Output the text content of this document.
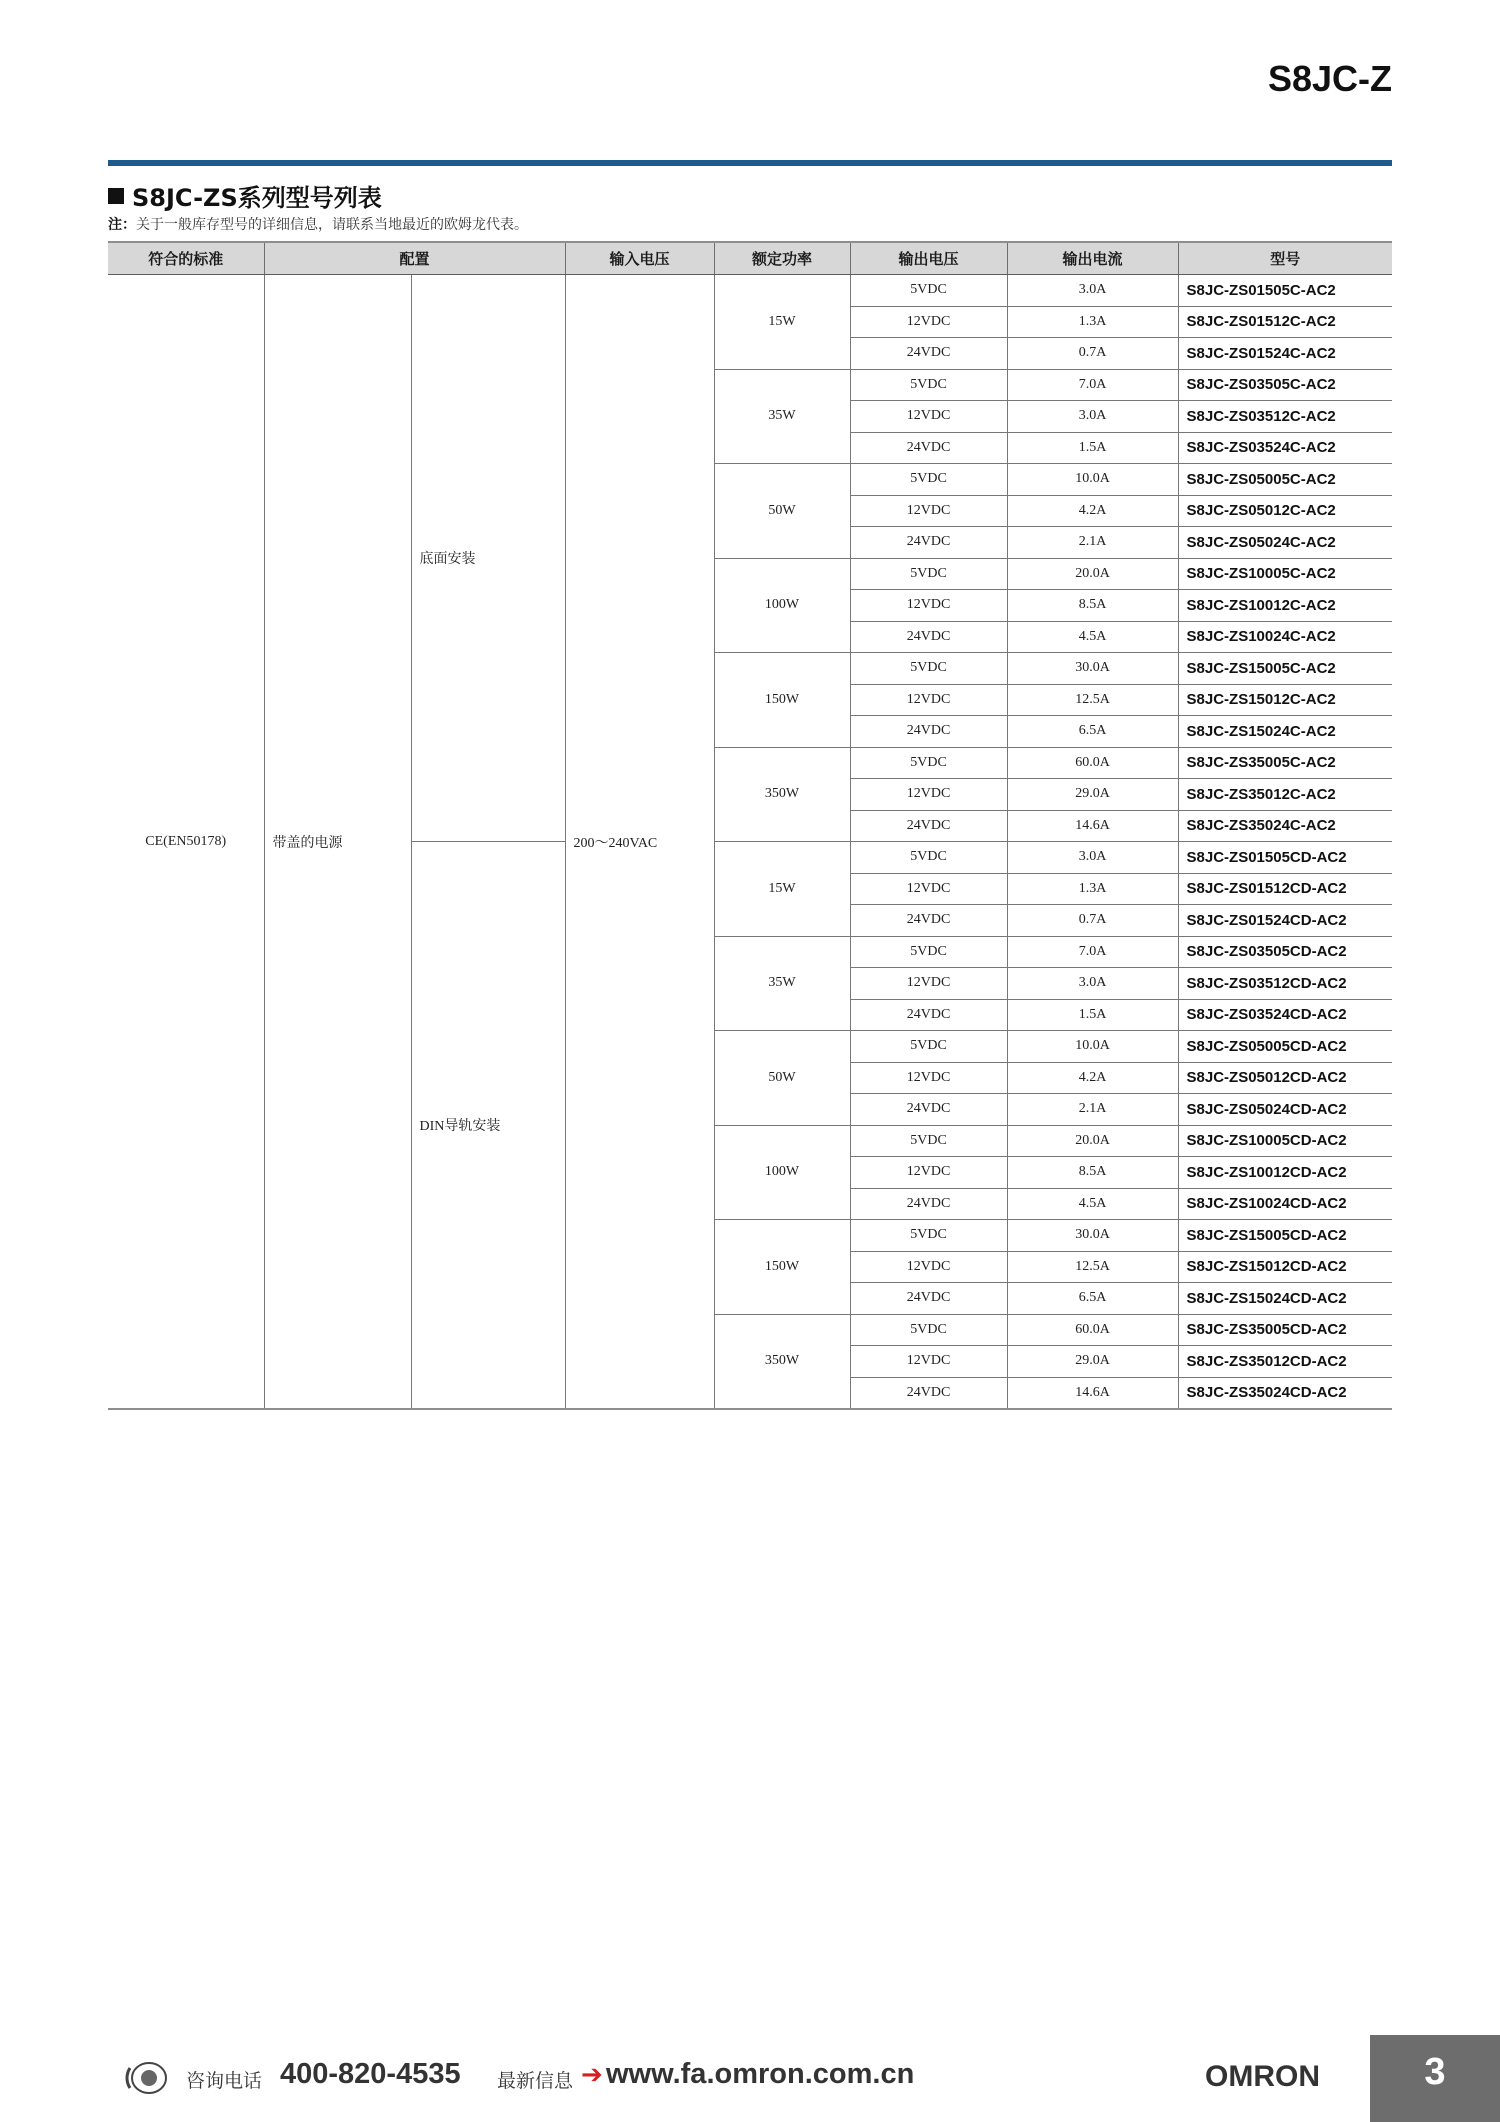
S8JC-Z
S8JC-ZS系列型号列表
注：关于一般库存型号的详细信息，请联系当地最近的欧姆龙代表。
符合的标准	配置		输入电压	额定功率	输出电压	输出电流	型号
CE(EN50178)	带盖的电源	底面安装	200～240VAC	15W	5VDC	3.0A	S8JC-ZS01505C-AC2
					12VDC	1.3A	S8JC-ZS01512C-AC2
					24VDC	0.7A	S8JC-ZS01524C-AC2
				35W	5VDC	7.0A	S8JC-ZS03505C-AC2
					12VDC	3.0A	S8JC-ZS03512C-AC2
					24VDC	1.5A	S8JC-ZS03524C-AC2
				50W	5VDC	10.0A	S8JC-ZS05005C-AC2
					12VDC	4.2A	S8JC-ZS05012C-AC2
					24VDC	2.1A	S8JC-ZS05024C-AC2
				100W	5VDC	20.0A	S8JC-ZS10005C-AC2
					12VDC	8.5A	S8JC-ZS10012C-AC2
					24VDC	4.5A	S8JC-ZS10024C-AC2
				150W	5VDC	30.0A	S8JC-ZS15005C-AC2
					12VDC	12.5A	S8JC-ZS15012C-AC2
					24VDC	6.5A	S8JC-ZS15024C-AC2
				350W	5VDC	60.0A	S8JC-ZS35005C-AC2
					12VDC	29.0A	S8JC-ZS35012C-AC2
					24VDC	14.6A	S8JC-ZS35024C-AC2
		DIN导轨安装		15W	5VDC	3.0A	S8JC-ZS01505CD-AC2
					12VDC	1.3A	S8JC-ZS01512CD-AC2
					24VDC	0.7A	S8JC-ZS01524CD-AC2
				35W	5VDC	7.0A	S8JC-ZS03505CD-AC2
					12VDC	3.0A	S8JC-ZS03512CD-AC2
					24VDC	1.5A	S8JC-ZS03524CD-AC2
				50W	5VDC	10.0A	S8JC-ZS05005CD-AC2
					12VDC	4.2A	S8JC-ZS05012CD-AC2
					24VDC	2.1A	S8JC-ZS05024CD-AC2
				100W	5VDC	20.0A	S8JC-ZS10005CD-AC2
					12VDC	8.5A	S8JC-ZS10012CD-AC2
					24VDC	4.5A	S8JC-ZS10024CD-AC2
				150W	5VDC	30.0A	S8JC-ZS15005CD-AC2
					12VDC	12.5A	S8JC-ZS15012CD-AC2
					24VDC	6.5A	S8JC-ZS15024CD-AC2
				350W	5VDC	60.0A	S8JC-ZS35005CD-AC2
					12VDC	29.0A	S8JC-ZS35012CD-AC2
					24VDC	14.6A	S8JC-ZS35024CD-AC2
咨询电话 400-820-4535 最新信息 ➔ www.fa.omron.com.cn	OMRON	3
